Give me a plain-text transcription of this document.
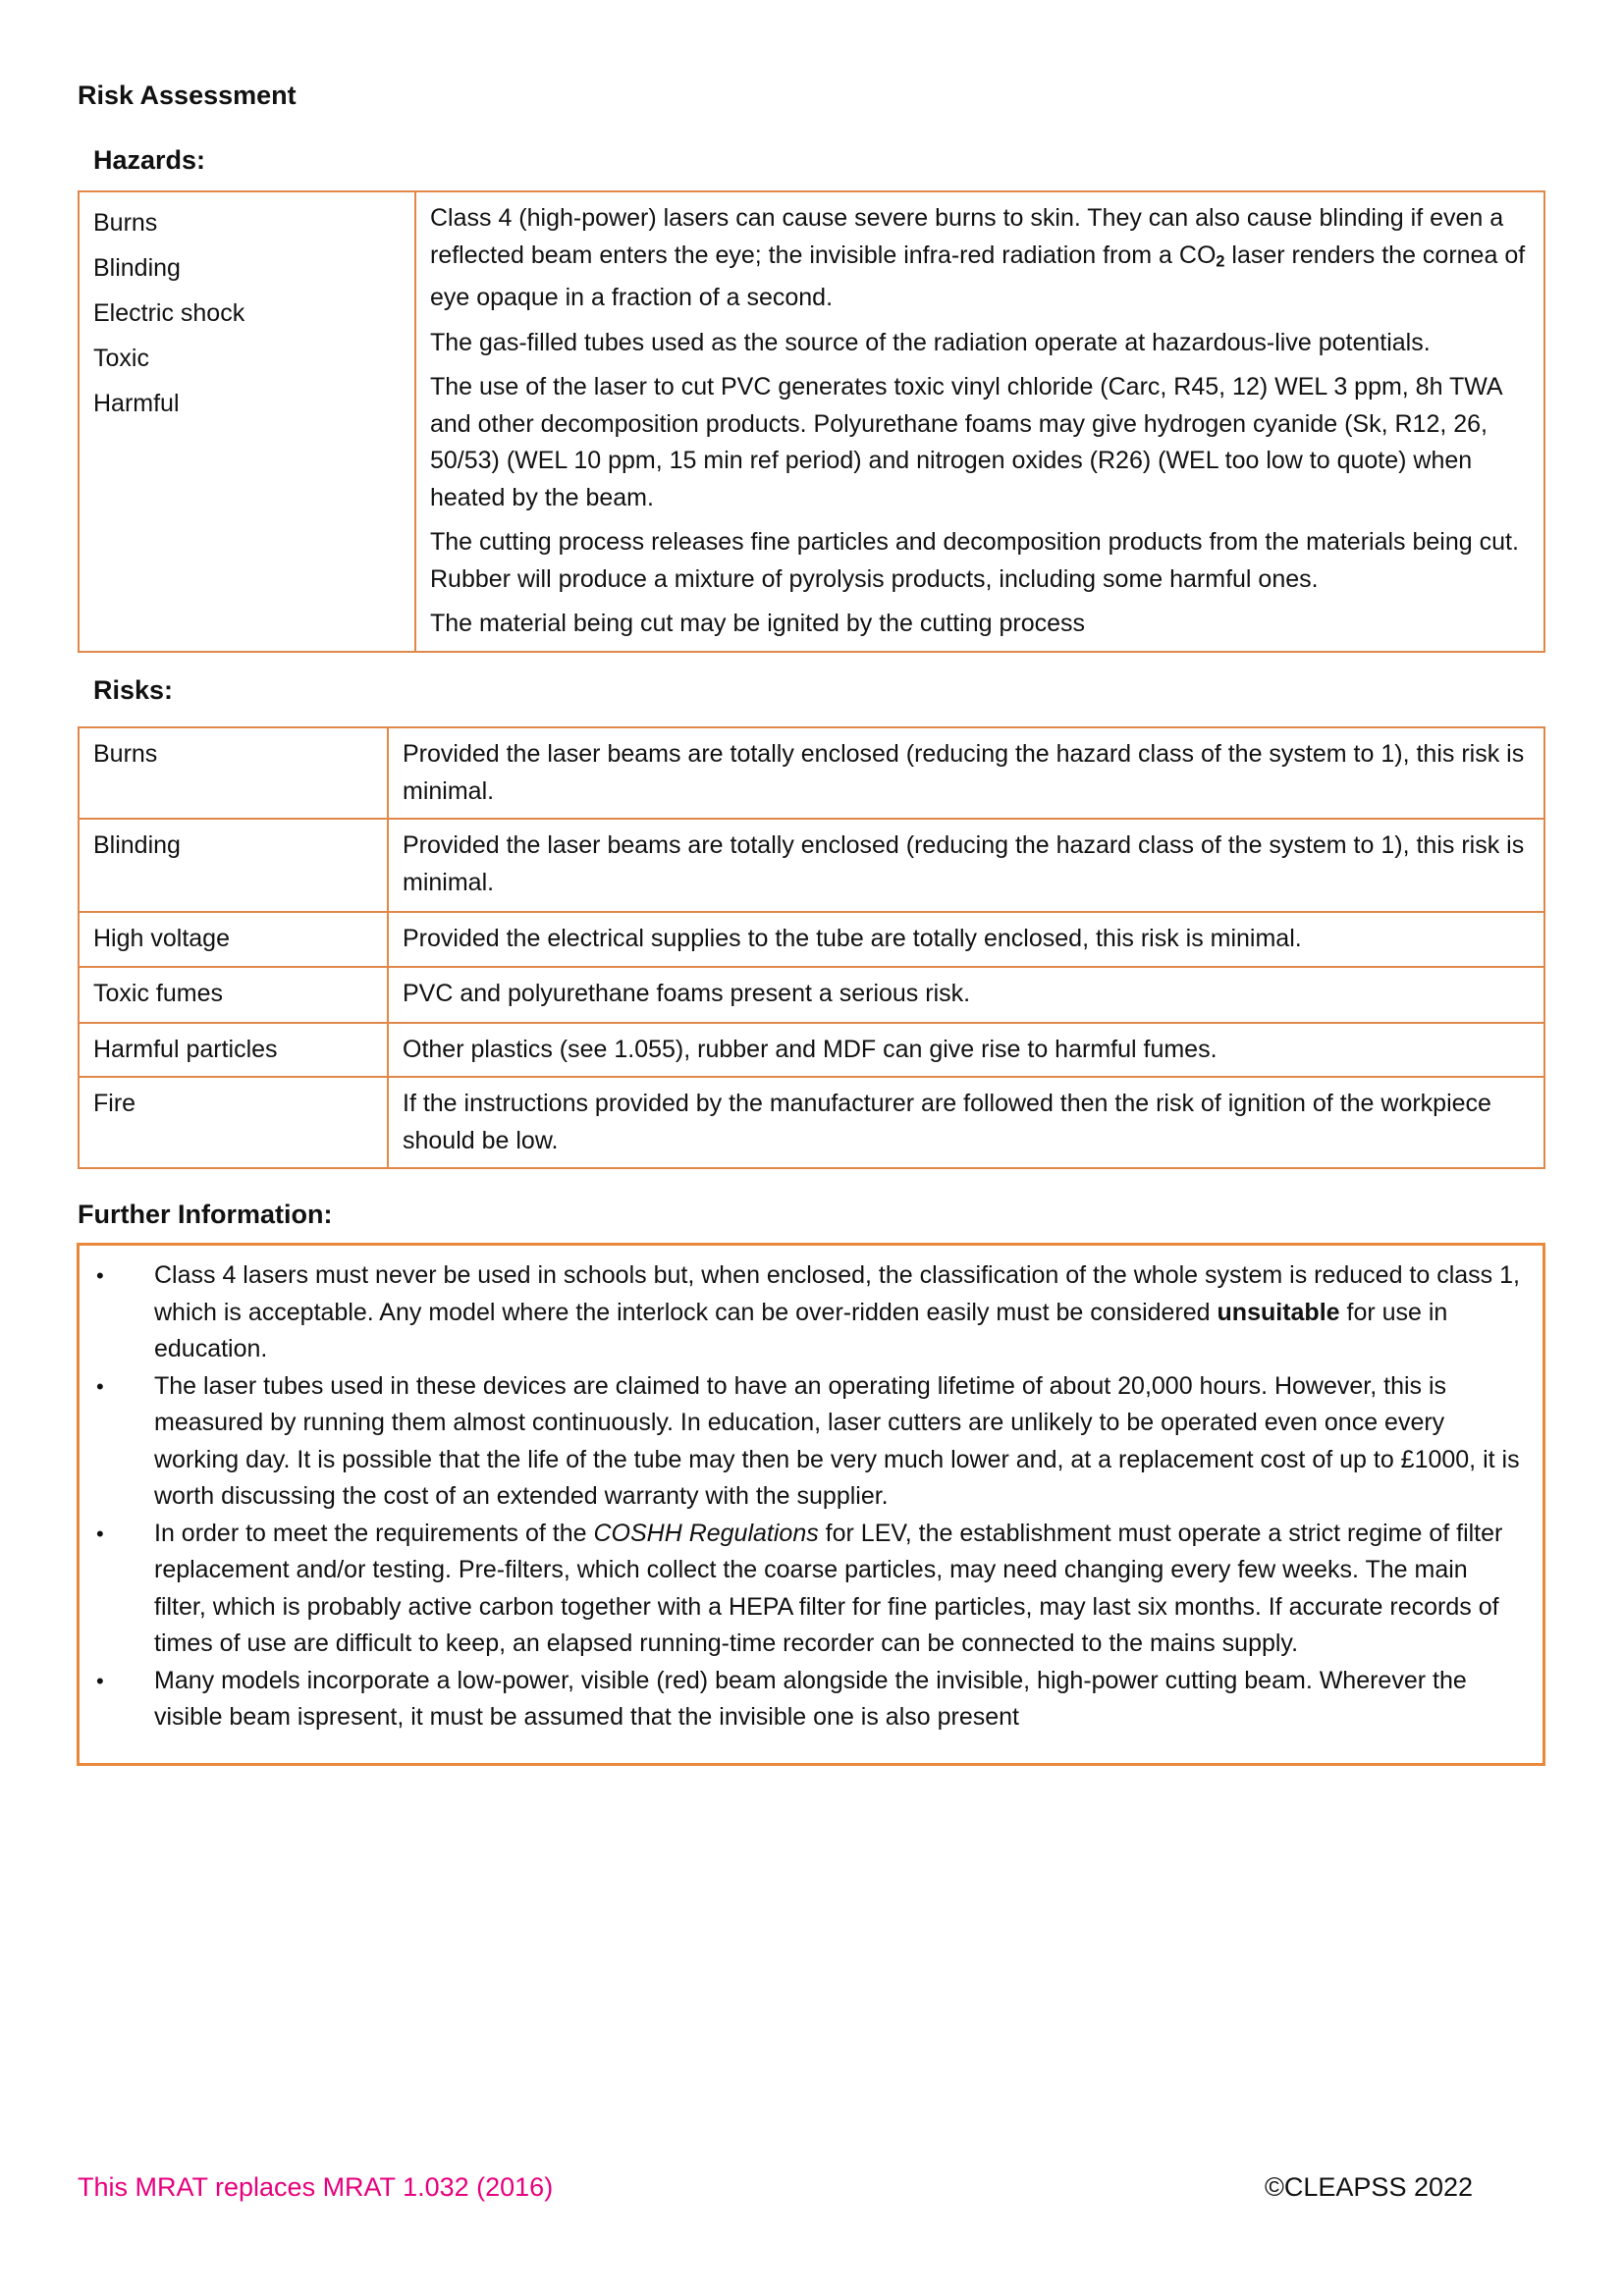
Risk Assessment
Hazards:
Burns
Blinding
Electric shock
Toxic
Harmful

Class 4 (high-power) lasers can cause severe burns to skin. They can also cause blinding if even a reflected beam enters the eye; the invisible infra-red radiation from a $CO_2$ laser renders the cornea of eye opaque in a fraction of a second.

The gas-filled tubes used as the source of the radiation operate at hazardous-live potentials.

The use of the laser to cut PVC generates toxic vinyl chloride (Carc, R45, 12) WEL 3 ppm, 8h TWA and other decomposition products. Polyurethane foams may give hydrogen cyanide (Sk, R12, 26, 50/53) (WEL 10 ppm, 15 min ref period) and nitrogen oxides (R26) (WEL too low to quote) when heated by the beam.

The cutting process releases fine particles and decomposition products from the materials being cut. Rubber will produce a mixture of pyrolysis products, including some harmful ones.

The material being cut may be ignited by the cutting process

Risks:
Burns	Provided the laser beams are totally enclosed (reducing the hazard class of the system to 1), this risk is minimal.
Blinding	Provided the laser beams are totally enclosed (reducing the hazard class of the system to 1), this risk is minimal.
High voltage	Provided the electrical supplies to the tube are totally enclosed, this risk is minimal.
Toxic fumes	PVC and polyurethane foams present a serious risk.
Harmful particles	Other plastics (see 1.055), rubber and MDF can give rise to harmful fumes.
Fire	If the instructions provided by the manufacturer are followed then the risk of ignition of the workpiece should be low.
Further Information:
• Class 4 lasers must never be used in schools but, when enclosed, the classification of the whole system is reduced to class 1, which is acceptable. Any model where the interlock can be over-ridden easily must be considered unsuitable for use in education.
• The laser tubes used in these devices are claimed to have an operating lifetime of about 20,000 hours. However, this is measured by running them almost continuously. In education, laser cutters are unlikely to be operated even once every working day. It is possible that the life of the tube may then be very much lower and, at a replacement cost of up to £1000, it is worth discussing the cost of an extended warranty with the supplier.
• In order to meet the requirements of the COSHH Regulations for LEV, the establishment must operate a strict regime of filter replacement and/or testing. Pre-filters, which collect the coarse particles, may need changing every few weeks. The main filter, which is probably active carbon together with a HEPA filter for fine particles, may last six months. If accurate records of times of use are difficult to keep, an elapsed running-time recorder can be connected to the mains supply.
• Many models incorporate a low-power, visible (red) beam alongside the invisible, high-power cutting beam. Wherever the visible beam ispresent, it must be assumed that the invisible one is also present
This MRAT replaces MRAT 1.032 (2016)	©CLEAPSS 2022
